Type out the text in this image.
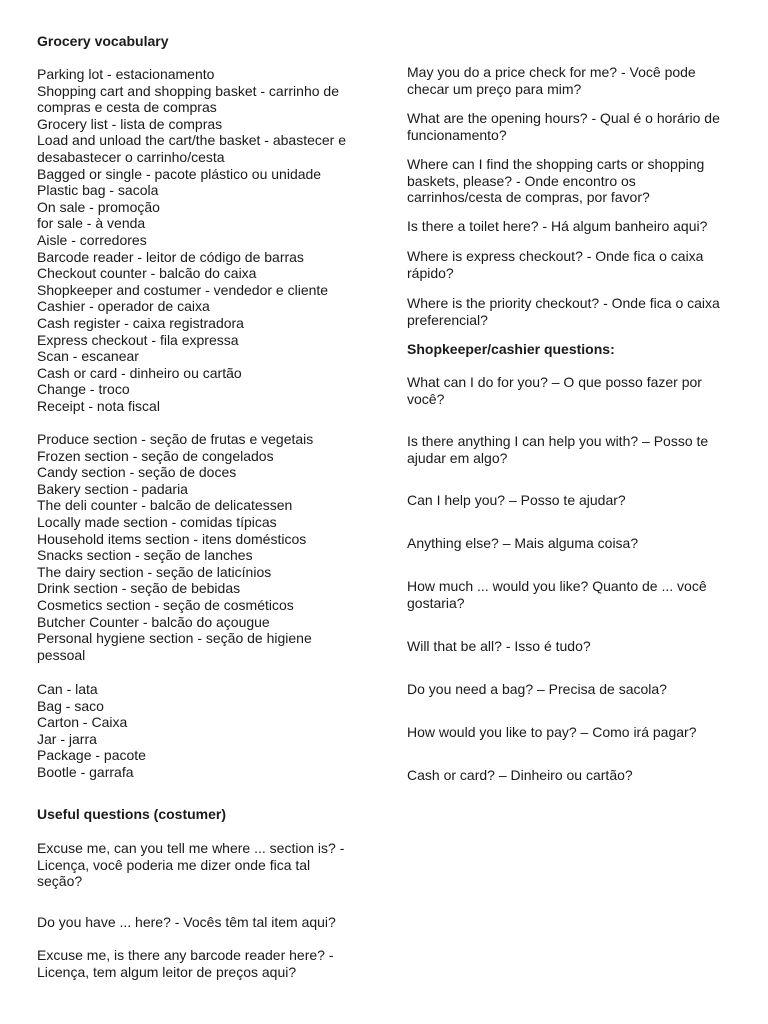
Grocery vocabulary
Parking lot - estacionamento
Shopping cart and shopping basket - carrinho de
compras e cesta de compras
Grocery list - lista de compras
Load and unload the cart/the basket - abastecer e
desabastecer o carrinho/cesta
Bagged or single - pacote plástico ou unidade
Plastic bag - sacola
On sale - promoção
for sale - à venda
Aisle - corredores
Barcode reader - leitor de código de barras
Checkout counter - balcão do caixa
Shopkeeper and costumer - vendedor e cliente
Cashier - operador de caixa
Cash register - caixa registradora
Express checkout - fila expressa
Scan - escanear
Cash or card - dinheiro ou cartão
Change - troco
Receipt - nota fiscal
Produce section - seção de frutas e vegetais
Frozen section - seção de congelados
Candy section - seção de doces
Bakery section - padaria
The deli counter - balcão de delicatessen
Locally made section - comidas típicas
Household items section - itens domésticos
Snacks section - seção de lanches
The dairy section - seção de laticínios
Drink section - seção de bebidas
Cosmetics section - seção de cosméticos
Butcher Counter - balcão do açougue
Personal hygiene section - seção de higiene
pessoal
Can - lata
Bag - saco
Carton - Caixa
Jar - jarra
Package - pacote
Bootle - garrafa
Useful questions (costumer)
Excuse me, can you tell me where ... section is? -
Licença, você poderia me dizer onde fica tal
seção?
Do you have ... here? - Vocês têm tal item aqui?
Excuse me, is there any barcode reader here? -
Licença, tem algum leitor de preços aqui?
May you do a price check for me? - Você pode
checar um preço para mim?
What are the opening hours? - Qual é o horário de
funcionamento?
Where can I find the shopping carts or shopping
baskets, please? - Onde encontro os
carrinhos/cesta de compras, por favor?
Is there a toilet here? - Há algum banheiro aqui?
Where is express checkout? - Onde fica o caixa
rápido?
Where is the priority checkout? - Onde fica o caixa
preferencial?
Shopkeeper/cashier questions:
What can I do for you? – O que posso fazer por
você?
Is there anything I can help you with? – Posso te
ajudar em algo?
Can I help you? – Posso te ajudar?
Anything else? – Mais alguma coisa?
How much ... would you like? Quanto de ... você
gostaria?
Will that be all? - Isso é tudo?
Do you need a bag? – Precisa de sacola?
How would you like to pay? – Como irá pagar?
Cash or card? – Dinheiro ou cartão?
